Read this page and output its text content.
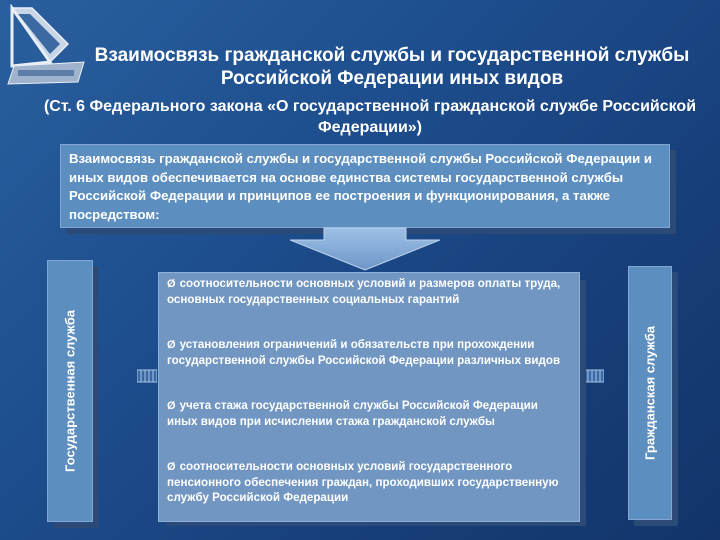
Взаимосвязь гражданской службы и государственной службы Российской Федерации иных видов
(Ст. 6 Федерального закона «О государственной гражданской службе Российской Федерации»)
Взаимосвязь гражданской службы и государственной службы Российской Федерации и иных видов обеспечивается на основе единства системы государственной службы Российской Федерации и принципов ее построения и функционирования, а также посредством:
Государственная служба	Гражданская служба
Ø соотносительности основных условий и размеров оплаты труда, основных государственных социальных гарантий
Ø установления ограничений и обязательств при прохождении государственной службы Российской Федерации различных видов
Ø учета стажа государственной службы Российской Федерации иных видов при исчислении стажа гражданской службы
Ø соотносительности основных условий государственного пенсионного обеспечения граждан, проходивших государственную службу Российской Федерации
